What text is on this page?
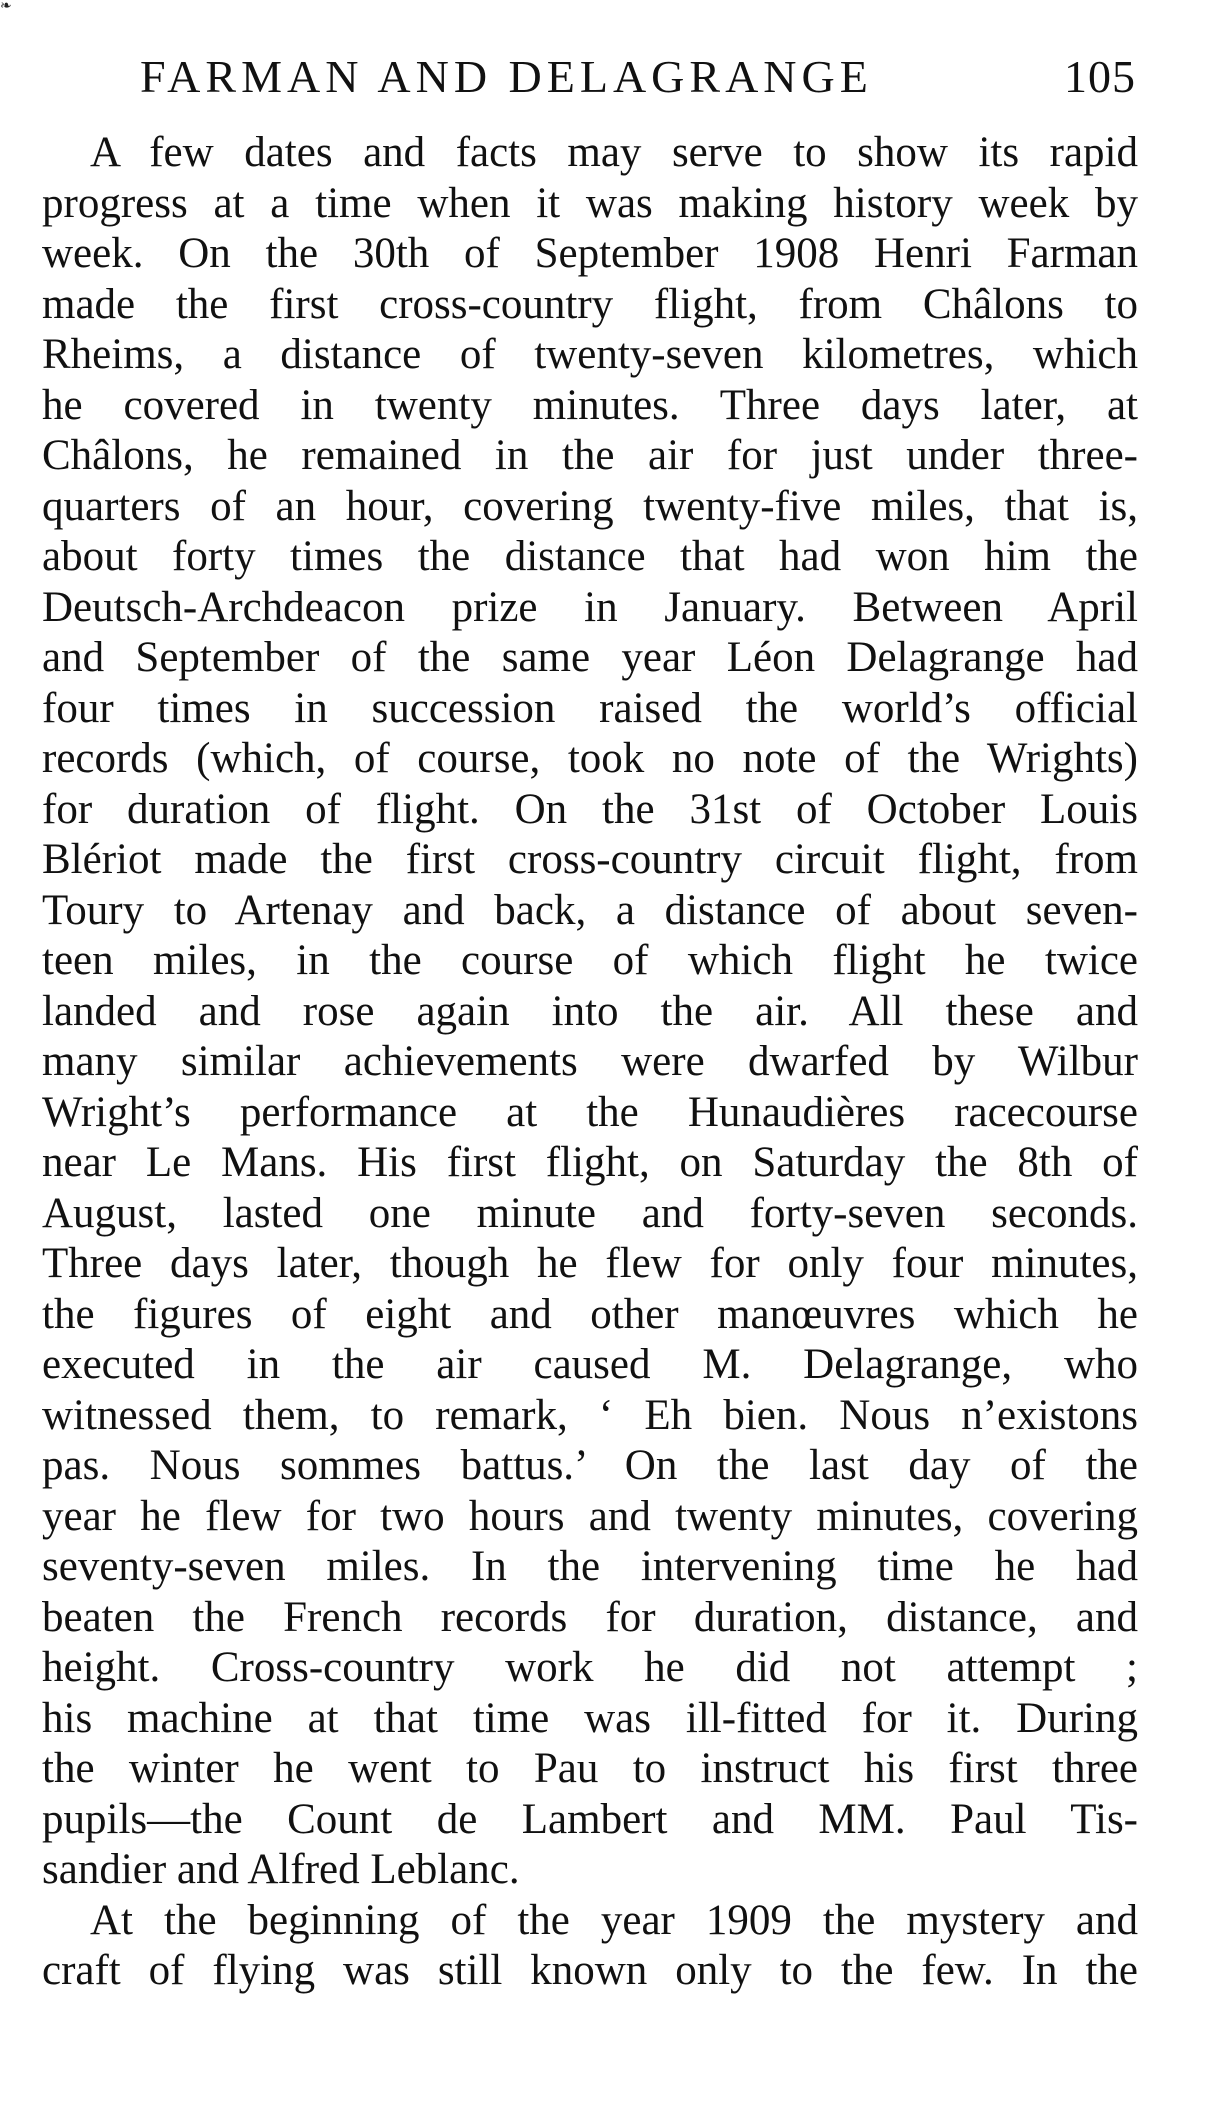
❧
FARMAN AND DELAGRANGE	105
A few dates and facts may serve to show its rapid
progress at a time when it was making history week by
week. On the 30th of September 1908 Henri Farman
made the first cross-country flight, from Châlons to
Rheims, a distance of twenty-seven kilometres, which
he covered in twenty minutes. Three days later, at
Châlons, he remained in the air for just under three-
quarters of an hour, covering twenty-five miles, that is,
about forty times the distance that had won him the
Deutsch-Archdeacon prize in January. Between April
and September of the same year Léon Delagrange had
four times in succession raised the world’s official
records (which, of course, took no note of the Wrights)
for duration of flight. On the 31st of October Louis
Blériot made the first cross-country circuit flight, from
Toury to Artenay and back, a distance of about seven-
teen miles, in the course of which flight he twice
landed and rose again into the air. All these and
many similar achievements were dwarfed by Wilbur
Wright’s performance at the Hunaudières racecourse
near Le Mans. His first flight, on Saturday the 8th of
August, lasted one minute and forty-seven seconds.
Three days later, though he flew for only four minutes,
the figures of eight and other manœuvres which he
executed in the air caused M. Delagrange, who
witnessed them, to remark, ‘ Eh bien. Nous n’existons
pas. Nous sommes battus.’ On the last day of the
year he flew for two hours and twenty minutes, covering
seventy-seven miles. In the intervening time he had
beaten the French records for duration, distance, and
height. Cross-country work he did not attempt ;
his machine at that time was ill-fitted for it. During
the winter he went to Pau to instruct his first three
pupils—the Count de Lambert and MM. Paul Tis-
sandier and Alfred Leblanc.
At the beginning of the year 1909 the mystery and
craft of flying was still known only to the few. In the
